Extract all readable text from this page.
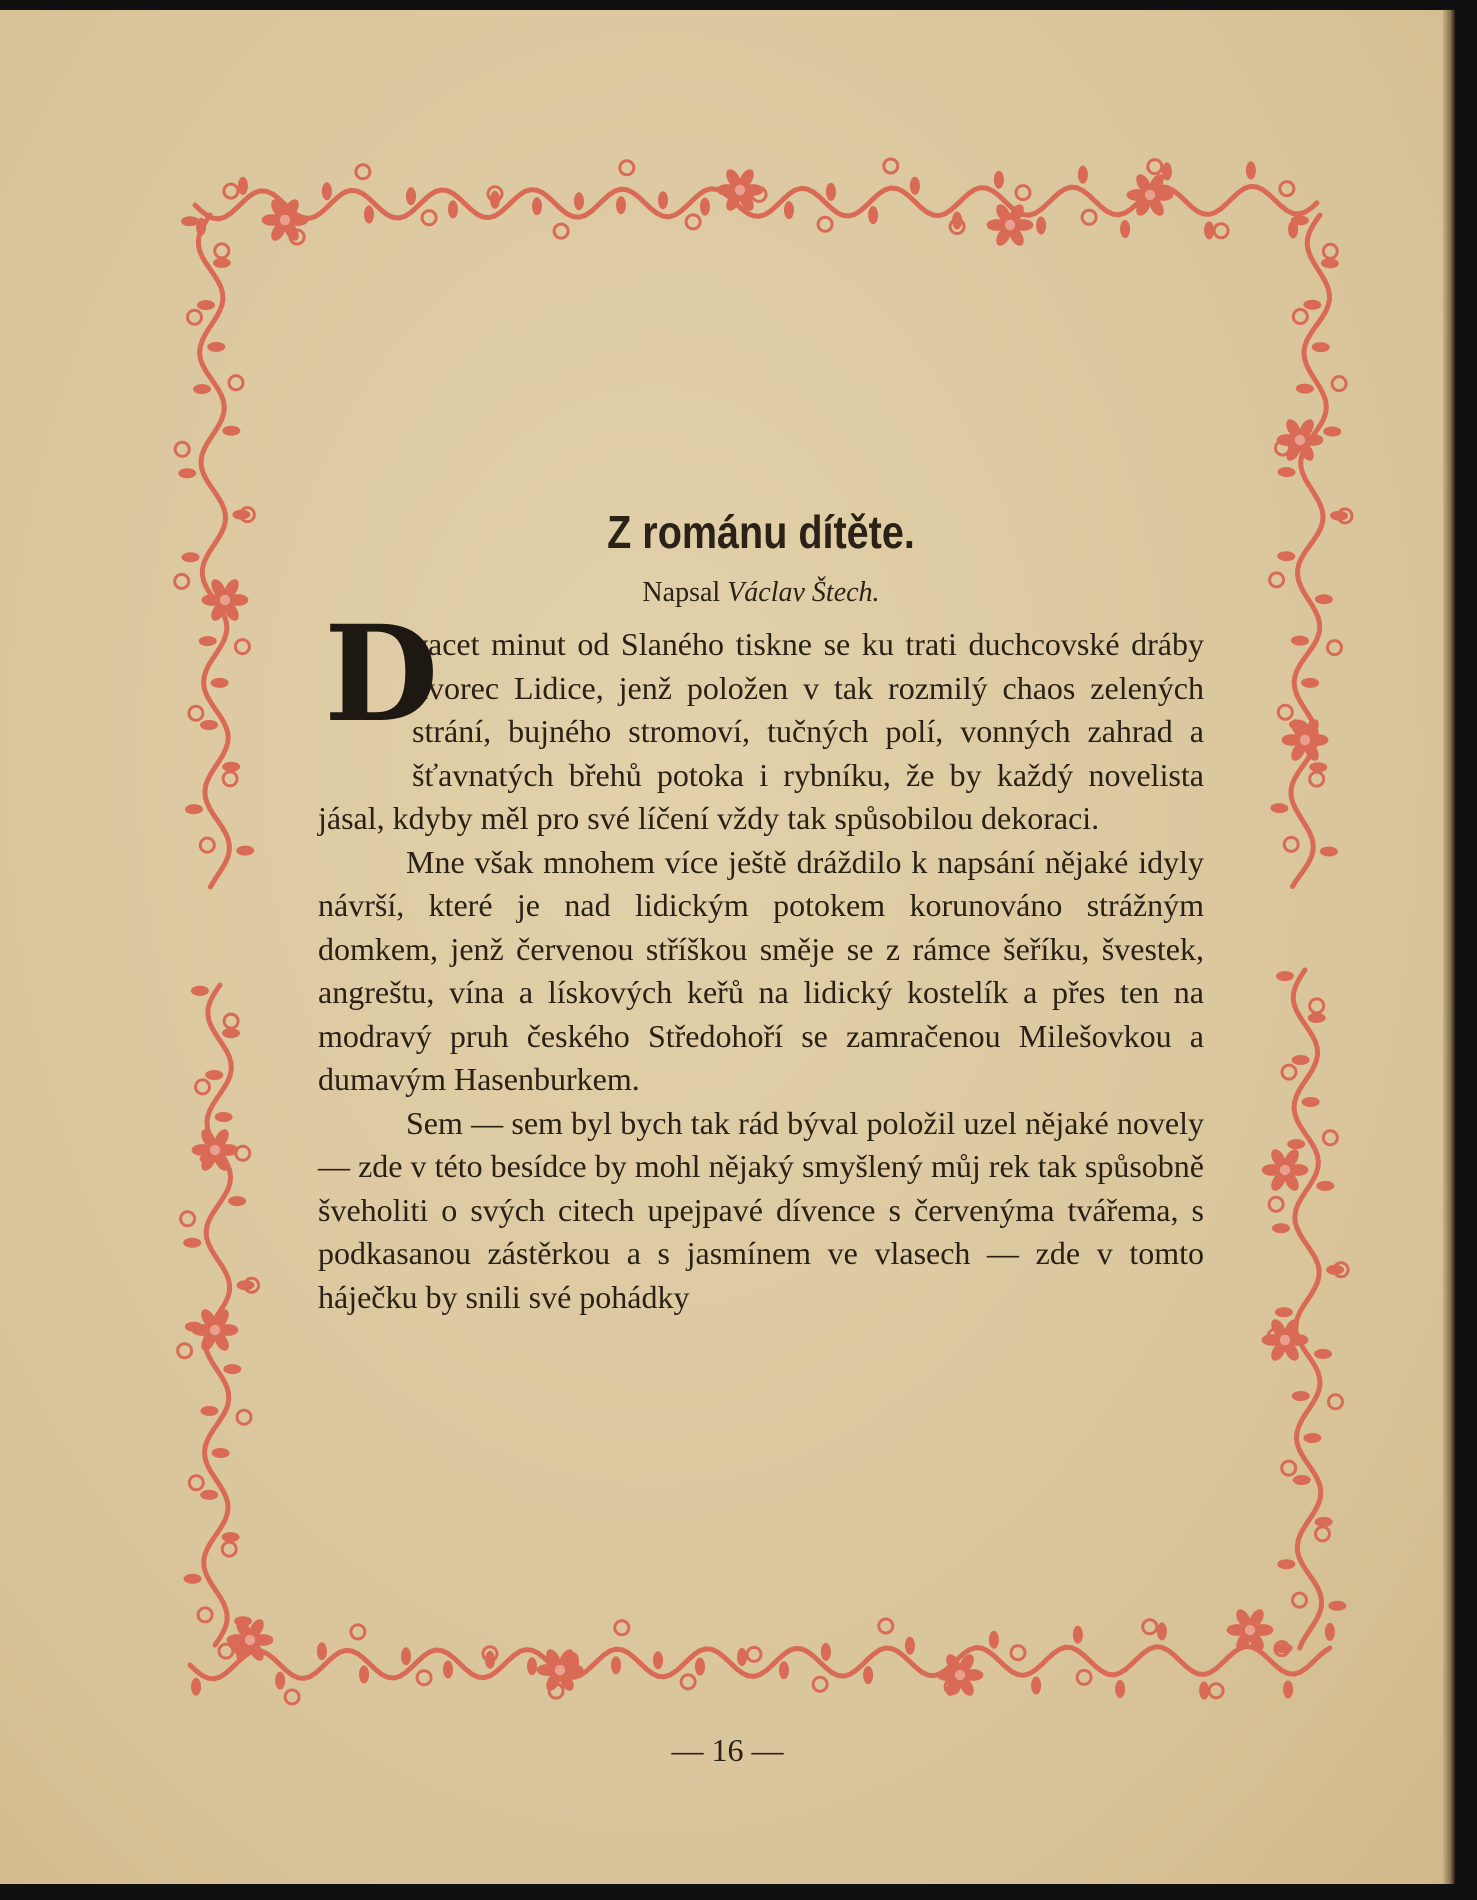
Z románu dítěte.
Napsal Václav Štech.

D
vacet minut od Slaného tiskne se ku trati duchcovské dráby dvorec Lidice, jenž položen v tak rozmilý chaos zelených strání, bujného stromoví, tučných polí, vonných zahrad a šťavnatých břehů potoka i rybníku, že by každý novelista jásal, kdyby měl pro své líčení vždy tak spůsobilou dekoraci.

Mne však mnohem více ještě dráždilo k napsání nějaké idyly návrší, které je nad lidickým potokem korunováno strážným domkem, jenž červenou stříškou směje se z rámce šeříku, švestek, angreštu, vína a lískových keřů na lidický kostelík a přes ten na modravý pruh českého Středohoří se zamračenou Milešovkou a dumavým Hasenburkem.

Sem — sem byl bych tak rád býval položil uzel nějaké novely — zde v této besídce by mohl nějaký smyšlený můj rek tak spůsobně šveholiti o svých citech upejpavé dívence s červenýma tvářema, s podkasanou zástěrkou a s jasmínem ve vlasech — zde v tomto háječku by snili své pohádky

— 16 —
